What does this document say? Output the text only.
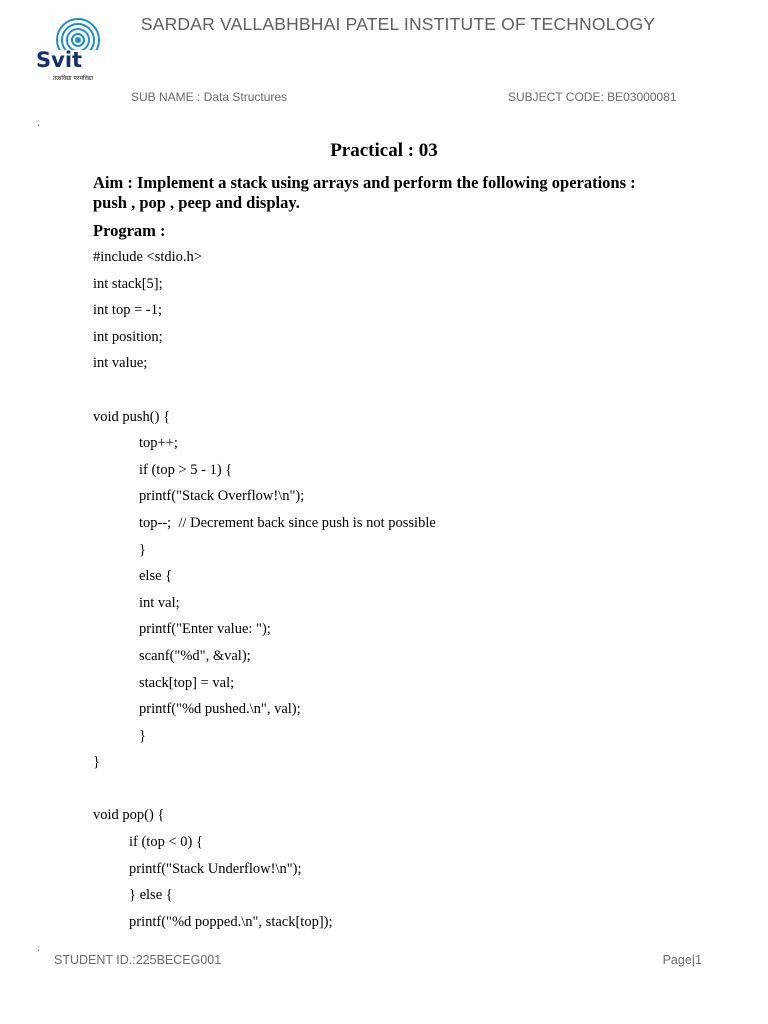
Svit
तत्वविद्या परमविद्या
SARDAR VALLABHBHAI PATEL INSTITUTE OF TECHNOLOGY
SUB NAME : Data Structures	SUBJECT CODE: BE03000081
·
Practical : 03
Aim : Implement a stack using arrays and perform the following operations : push , pop , peep and display.
Program :
#include <stdio.h>
int stack[5];
int top = -1;
int position;
int value;
void push() {
top++;
if (top > 5 - 1) {
printf("Stack Overflow!\n");
top--;  // Decrement back since push is not possible
}
else {
int val;
printf("Enter value: ");
scanf("%d", &val);
stack[top] = val;
printf("%d pushed.\n", val);
}
}
void pop() {
if (top < 0) {
printf("Stack Underflow!\n");
} else {
printf("%d popped.\n", stack[top]);
·
STUDENT ID.:225BECEG001	Page|1
